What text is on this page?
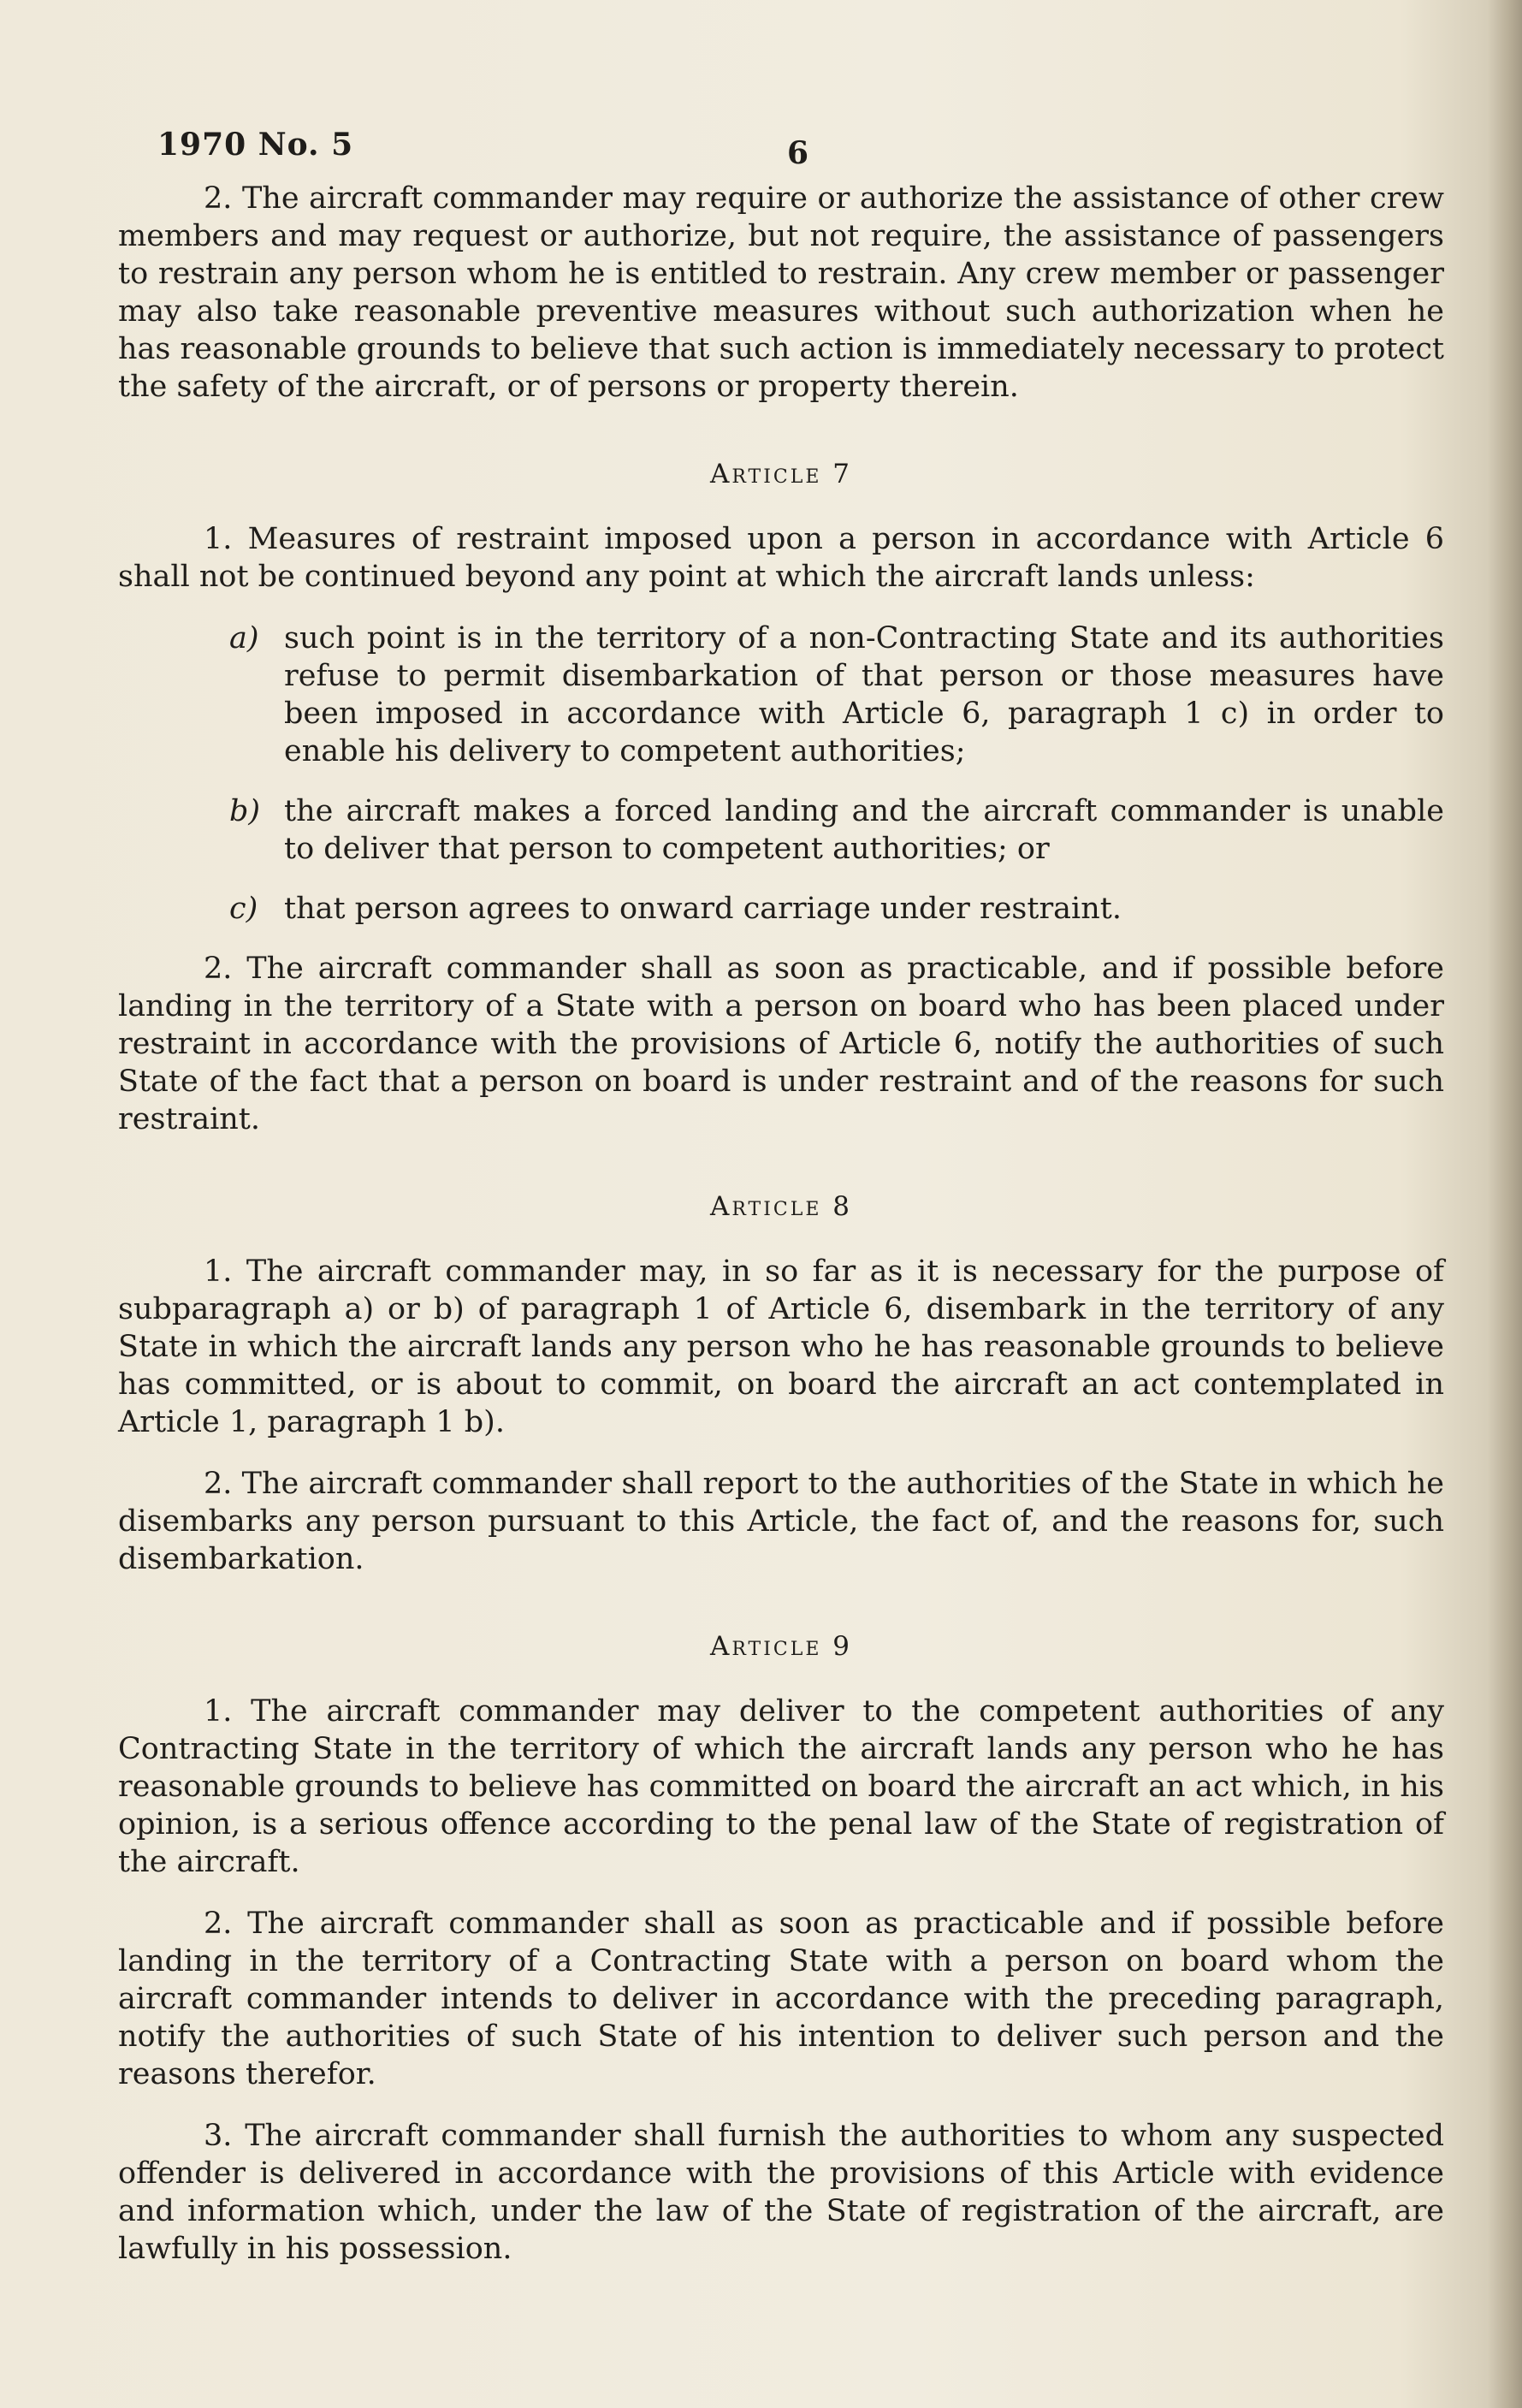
1970 No. 5	6

2. The aircraft commander may require or authorize the assistance of other crew members and may request or authorize, but not require, the assistance of passengers to restrain any person whom he is entitled to restrain. Any crew member or passenger may also take reasonable preventive measures without such authorization when he has reasonable grounds to believe that such action is immediately necessary to protect the safety of the aircraft, or of persons or property therein.

Article 7

1. Measures of restraint imposed upon a person in accordance with Article 6 shall not be continued beyond any point at which the aircraft lands unless:

a) such point is in the territory of a non-Contracting State and its authorities refuse to permit disembarkation of that person or those measures have been imposed in accordance with Article 6, paragraph 1 c) in order to enable his delivery to competent authorities;
b) the aircraft makes a forced landing and the aircraft commander is unable to deliver that person to competent authorities; or
c) that person agrees to onward carriage under restraint.

2. The aircraft commander shall as soon as practicable, and if possible before landing in the territory of a State with a person on board who has been placed under restraint in accordance with the provisions of Article 6, notify the authorities of such State of the fact that a person on board is under restraint and of the reasons for such restraint.

Article 8

1. The aircraft commander may, in so far as it is necessary for the purpose of subparagraph a) or b) of paragraph 1 of Article 6, disembark in the territory of any State in which the aircraft lands any person who he has reasonable grounds to believe has committed, or is about to commit, on board the aircraft an act contemplated in Article 1, paragraph 1 b).

2. The aircraft commander shall report to the authorities of the State in which he disembarks any person pursuant to this Article, the fact of, and the reasons for, such disembarkation.

Article 9

1. The aircraft commander may deliver to the competent authorities of any Contracting State in the territory of which the aircraft lands any person who he has reasonable grounds to believe has committed on board the aircraft an act which, in his opinion, is a serious offence according to the penal law of the State of registration of the aircraft.

2. The aircraft commander shall as soon as practicable and if possible before landing in the territory of a Contracting State with a person on board whom the aircraft commander intends to deliver in accordance with the preceding paragraph, notify the authorities of such State of his intention to deliver such person and the reasons therefor.

3. The aircraft commander shall furnish the authorities to whom any suspected offender is delivered in accordance with the provisions of this Article with evidence and information which, under the law of the State of registration of the aircraft, are lawfully in his possession.
